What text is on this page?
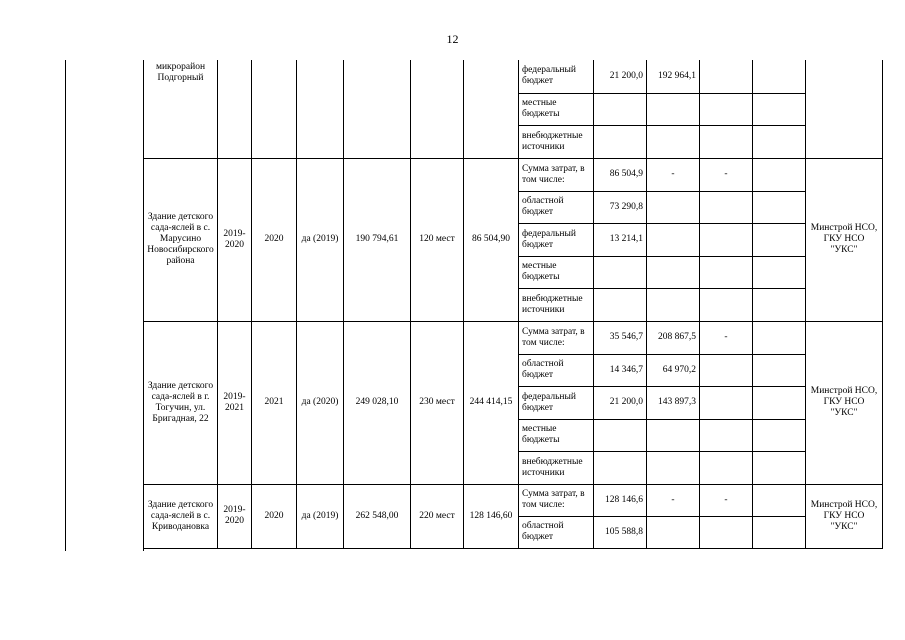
12
микрорайон Подгорный							федеральный бюджет	21 200,0	192 964,1			
							местные бюджеты					
							внебюджетные источники					
Здание детского сада-яслей в с. Марусино Новосибирского района	2019-2020	2020	да (2019)	190 794,61	120 мест	86 504,90	Сумма затрат, в том числе:	86 504,9	-	-		Минстрой НСО, ГКУ НСО "УКС"
							областной бюджет	73 290,8				
							федеральный бюджет	13 214,1				
							местные бюджеты					
							внебюджетные источники					
Здание детского сада-яслей в г. Тогучин, ул. Бригадная, 22	2019-2021	2021	да (2020)	249 028,10	230 мест	244 414,15	Сумма затрат, в том числе:	35 546,7	208 867,5	-		Минстрой НСО, ГКУ НСО "УКС"
							областной бюджет	14 346,7	64 970,2			
							федеральный бюджет	21 200,0	143 897,3			
							местные бюджеты					
							внебюджетные источники					
Здание детского сада-яслей в с. Криводановка	2019-2020	2020	да (2019)	262 548,00	220 мест	128 146,60	Сумма затрат, в том числе:	128 146,6	-	-		Минстрой НСО, ГКУ НСО "УКС"
							областной бюджет	105 588,8				
